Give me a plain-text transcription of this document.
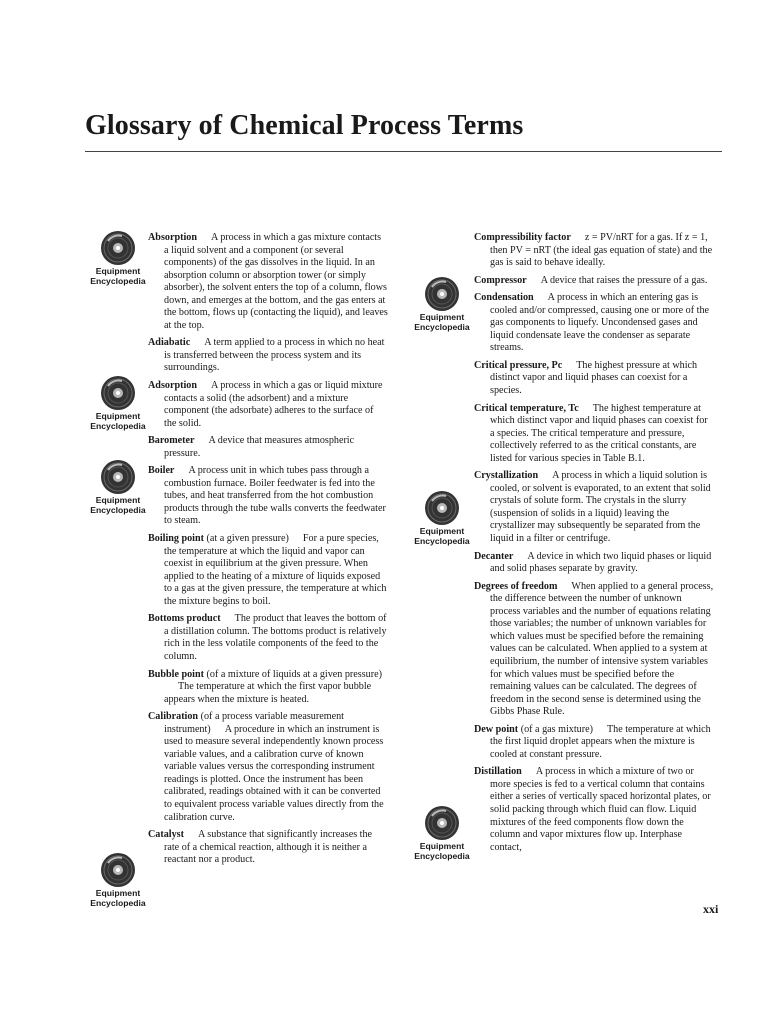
Glossary of Chemical Process Terms

Absorption A process in which a gas mixture contacts a liquid solvent and a component (or several components) of the gas dissolves in the liquid. In an absorption column or absorption tower (or simply absorber), the solvent enters the top of a column, flows down, and emerges at the bottom, and the gas enters at the bottom, flows up (contacting the liquid), and leaves at the top.

Adiabatic A term applied to a process in which no heat is transferred between the process system and its surroundings.

Adsorption A process in which a gas or liquid mixture contacts a solid (the adsorbent) and a mixture component (the adsorbate) adheres to the surface of the solid.

Barometer A device that measures atmospheric pressure.

Boiler A process unit in which tubes pass through a combustion furnace. Boiler feedwater is fed into the tubes, and heat transferred from the hot combustion products through the tube walls converts the feedwater to steam.

Boiling point (at a given pressure) For a pure species, the temperature at which the liquid and vapor can coexist in equilibrium at the given pressure. When applied to the heating of a mixture of liquids exposed to a gas at the given pressure, the temperature at which the mixture begins to boil.

Bottoms product The product that leaves the bottom of a distillation column. The bottoms product is relatively rich in the less volatile components of the feed to the column.

Bubble point (of a mixture of liquids at a given pressure)The temperature at which the first vapor bubble appears when the mixture is heated.

Calibration (of a process variable measurement instrument) A procedure in which an instrument is used to measure several independently known process variable values, and a calibration curve of known variable values versus the corresponding instrument readings is plotted. Once the instrument has been calibrated, readings obtained with it can be converted to equivalent process variable values directly from the calibration curve.

Catalyst A substance that significantly increases the rate of a chemical reaction, although it is neither a reactant nor a product.

Compressibility factor z = PV/nRT for a gas. If z = 1, then PV = nRT (the ideal gas equation of state) and the gas is said to behave ideally.

Compressor A device that raises the pressure of a gas.

Condensation A process in which an entering gas is cooled and/or compressed, causing one or more of the gas components to liquefy. Uncondensed gases and liquid condensate leave the condenser as separate streams.

Critical pressure, Pc The highest pressure at which distinct vapor and liquid phases can coexist for a species.

Critical temperature, Tc The highest temperature at which distinct vapor and liquid phases can coexist for a species. The critical temperature and pressure, collectively referred to as the critical constants, are listed for various species in Table B.1.

Crystallization A process in which a liquid solution is cooled, or solvent is evaporated, to an extent that solid crystals of solute form. The crystals in the slurry (suspension of solids in a liquid) leaving the crystallizer may subsequently be separated from the liquid in a filter or centrifuge.

Decanter A device in which two liquid phases or liquid and solid phases separate by gravity.

Degrees of freedom When applied to a general process, the difference between the number of unknown process variables and the number of equations relating those variables; the number of unknown variables for which values must be specified before the remaining values can be calculated. When applied to a system at equilibrium, the number of intensive system variables for which values must be specified before the remaining values can be calculated. The degrees of freedom in the second sense is determined using the Gibbs Phase Rule.

Dew point (of a gas mixture) The temperature at which the first liquid droplet appears when the mixture is cooled at constant pressure.

Distillation A process in which a mixture of two or more species is fed to a vertical column that contains either a series of vertically spaced horizontal plates, or solid packing through which fluid can flow. Liquid mixtures of the feed components flow down the column and vapor mixtures flow up. Interphase contact,

Equipment
Encyclopedia
Equipment
Encyclopedia
Equipment
Encyclopedia
Equipment
Encyclopedia
Equipment
Encyclopedia
Equipment
Encyclopedia
Equipment
Encyclopedia
xxi
